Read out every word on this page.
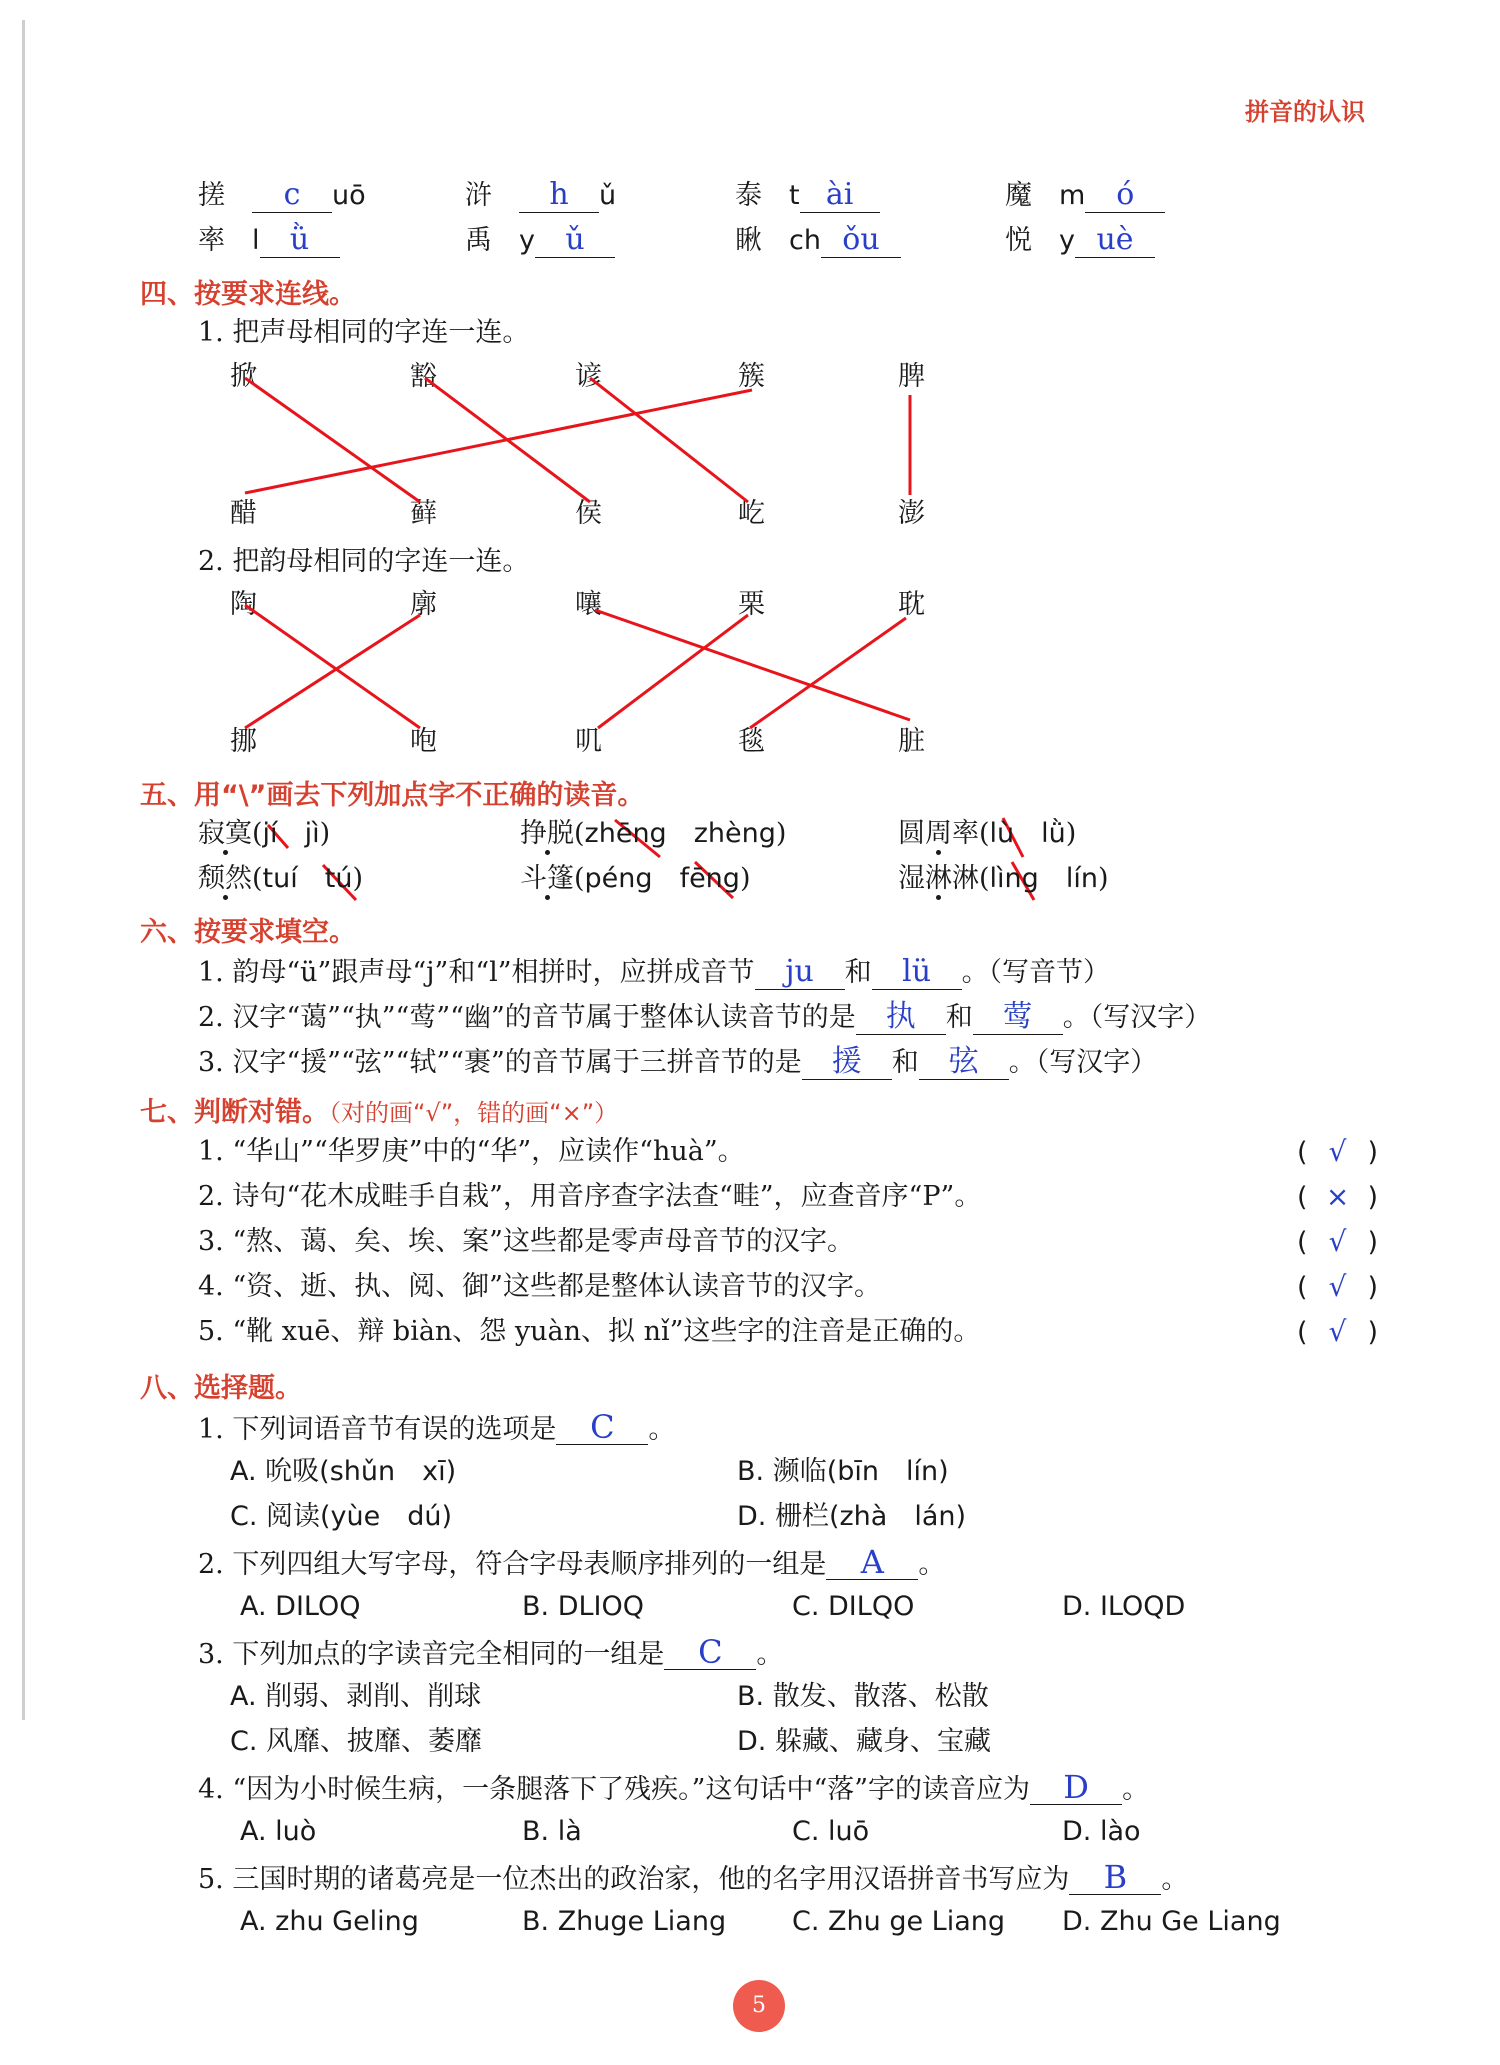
拼音的认识
搓　 c uō	浒　 h ǔ	泰　 t ài	魔　 m ó
率　 l ǜ	禹　 y ǔ	瞅　 ch ǒu	悦　 y uè
四、按要求连线。
1. 把声母相同的字连一连。
掀	豁	谚	簇	脾
醋	藓	侯	屹	澎
2. 把韵母相同的字连一连。
陶	廓	嚷	栗	耽
挪	咆	叽	毯	脏
五、用“\”画去下列加点字不正确的读音。
寂寞(jí　 jì)	挣脱(zhēng　 zhèng)	圆周率(lù　 lǜ)
颓然(tuí　 tú)	斗篷(péng　 fēng)	湿淋淋(lìng　 lín)
六、按要求填空。
1. 韵母“ü”跟声母“j”和“l”相拼时，应拼成音节 ju 和 lü 。（写音节）
2. 汉字“蔼”“执”“莺”“幽”的音节属于整体认读音节的是 执 和 莺 。（写汉字）
3. 汉字“援”“弦”“轼”“裹”的音节属于三拼音节的是 援 和 弦 。（写汉字）
七、判断对错。（对的画“√”，错的画“×”）
1. “华山”“华罗庚”中的“华”，应读作“huà”。	( √ )
2. 诗句“花木成畦手自栽”，用音序查字法查“畦”，应查音序“P”。	( × )
3. “熬、蔼、矣、埃、案”这些都是零声母音节的汉字。	( √ )
4. “资、逝、执、阅、御”这些都是整体认读音节的汉字。	( √ )
5. “靴 xuē、辩 biàn、怨 yuàn、拟 nǐ”这些字的注音是正确的。	( √ )
八、选择题。
1. 下列词语音节有误的选项是 C 。
A. 吮吸(shǔn　xī)	B. 濒临(bīn　lín)
C. 阅读(yùe　dú)	D. 栅栏(zhà　lán)
2. 下列四组大写字母，符合字母表顺序排列的一组是 A 。
A. DILOQ	B. DLIOQ	C. DILQO	D. ILOQD
3. 下列加点的字读音完全相同的一组是 C 。
A. 削弱、剥削、削球	B. 散发、散落、松散
C. 风靡、披靡、萎靡	D. 躲藏、藏身、宝藏
4. “因为小时候生病，一条腿落下了残疾。”这句话中“落”字的读音应为 D 。
A. luò	B. là	C. luō	D. lào
5. 三国时期的诸葛亮是一位杰出的政治家，他的名字用汉语拼音书写应为 B 。
A. zhu Geling	B. Zhuge Liang C. Zhu ge Liang D. Zhu Ge Liang
5
